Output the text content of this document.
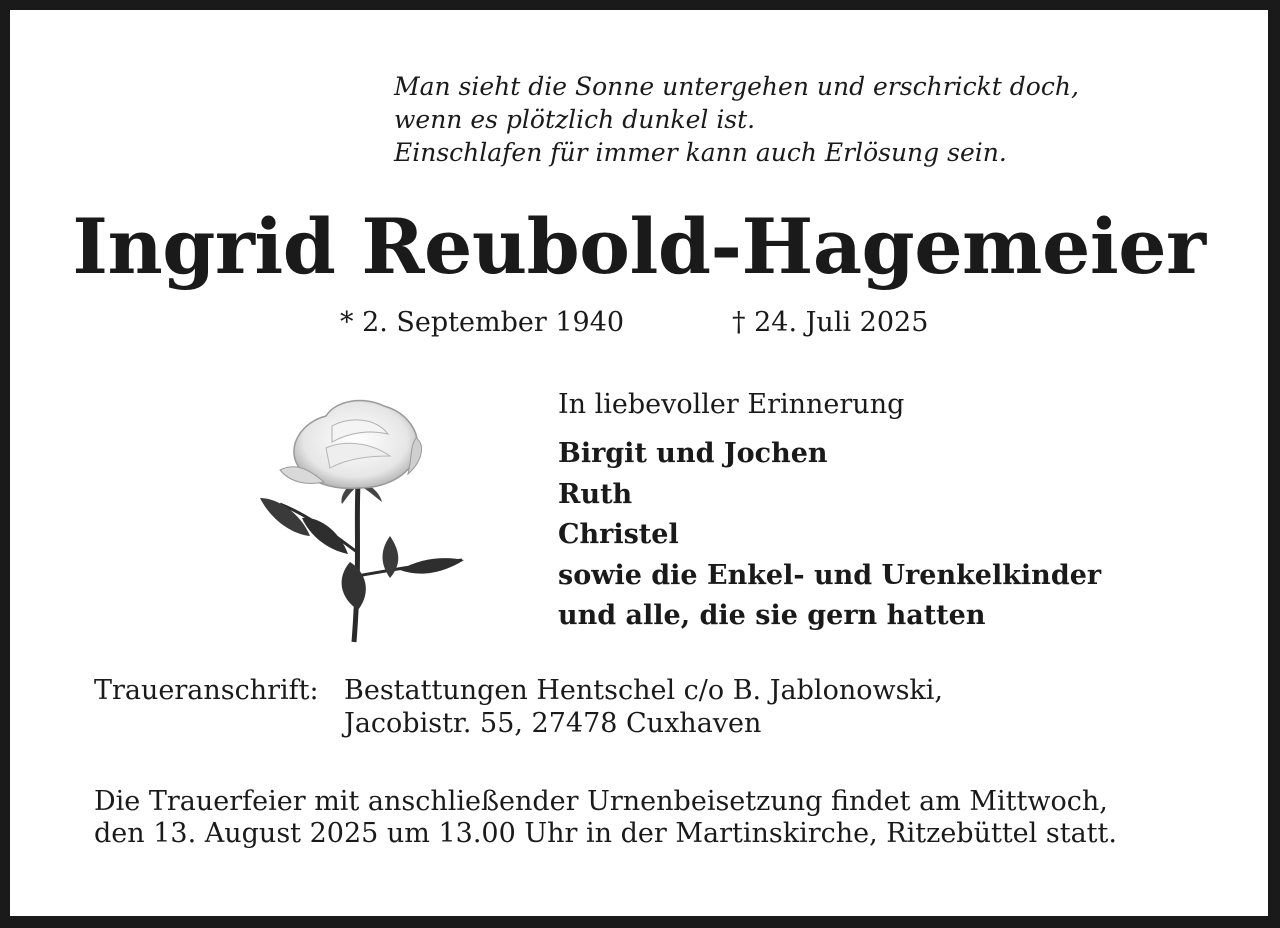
Man sieht die Sonne untergehen und erschrickt doch,
wenn es plötzlich dunkel ist.
Einschlafen für immer kann auch Erlösung sein.
Ingrid Reubold-Hagemeier
* 2. September 1940	† 24. Juli 2025
In liebevoller Erinnerung
Birgit und Jochen
Ruth
Christel
sowie die Enkel- und Urenkelkinder
und alle, die sie gern hatten
Traueranschrift: Bestattungen Hentschel c/o B. Jablonowski,
Jacobistr. 55, 27478 Cuxhaven
Die Trauerfeier mit anschließender Urnenbeisetzung findet am Mittwoch,
den 13. August 2025 um 13.00 Uhr in der Martinskirche, Ritzebüttel statt.
